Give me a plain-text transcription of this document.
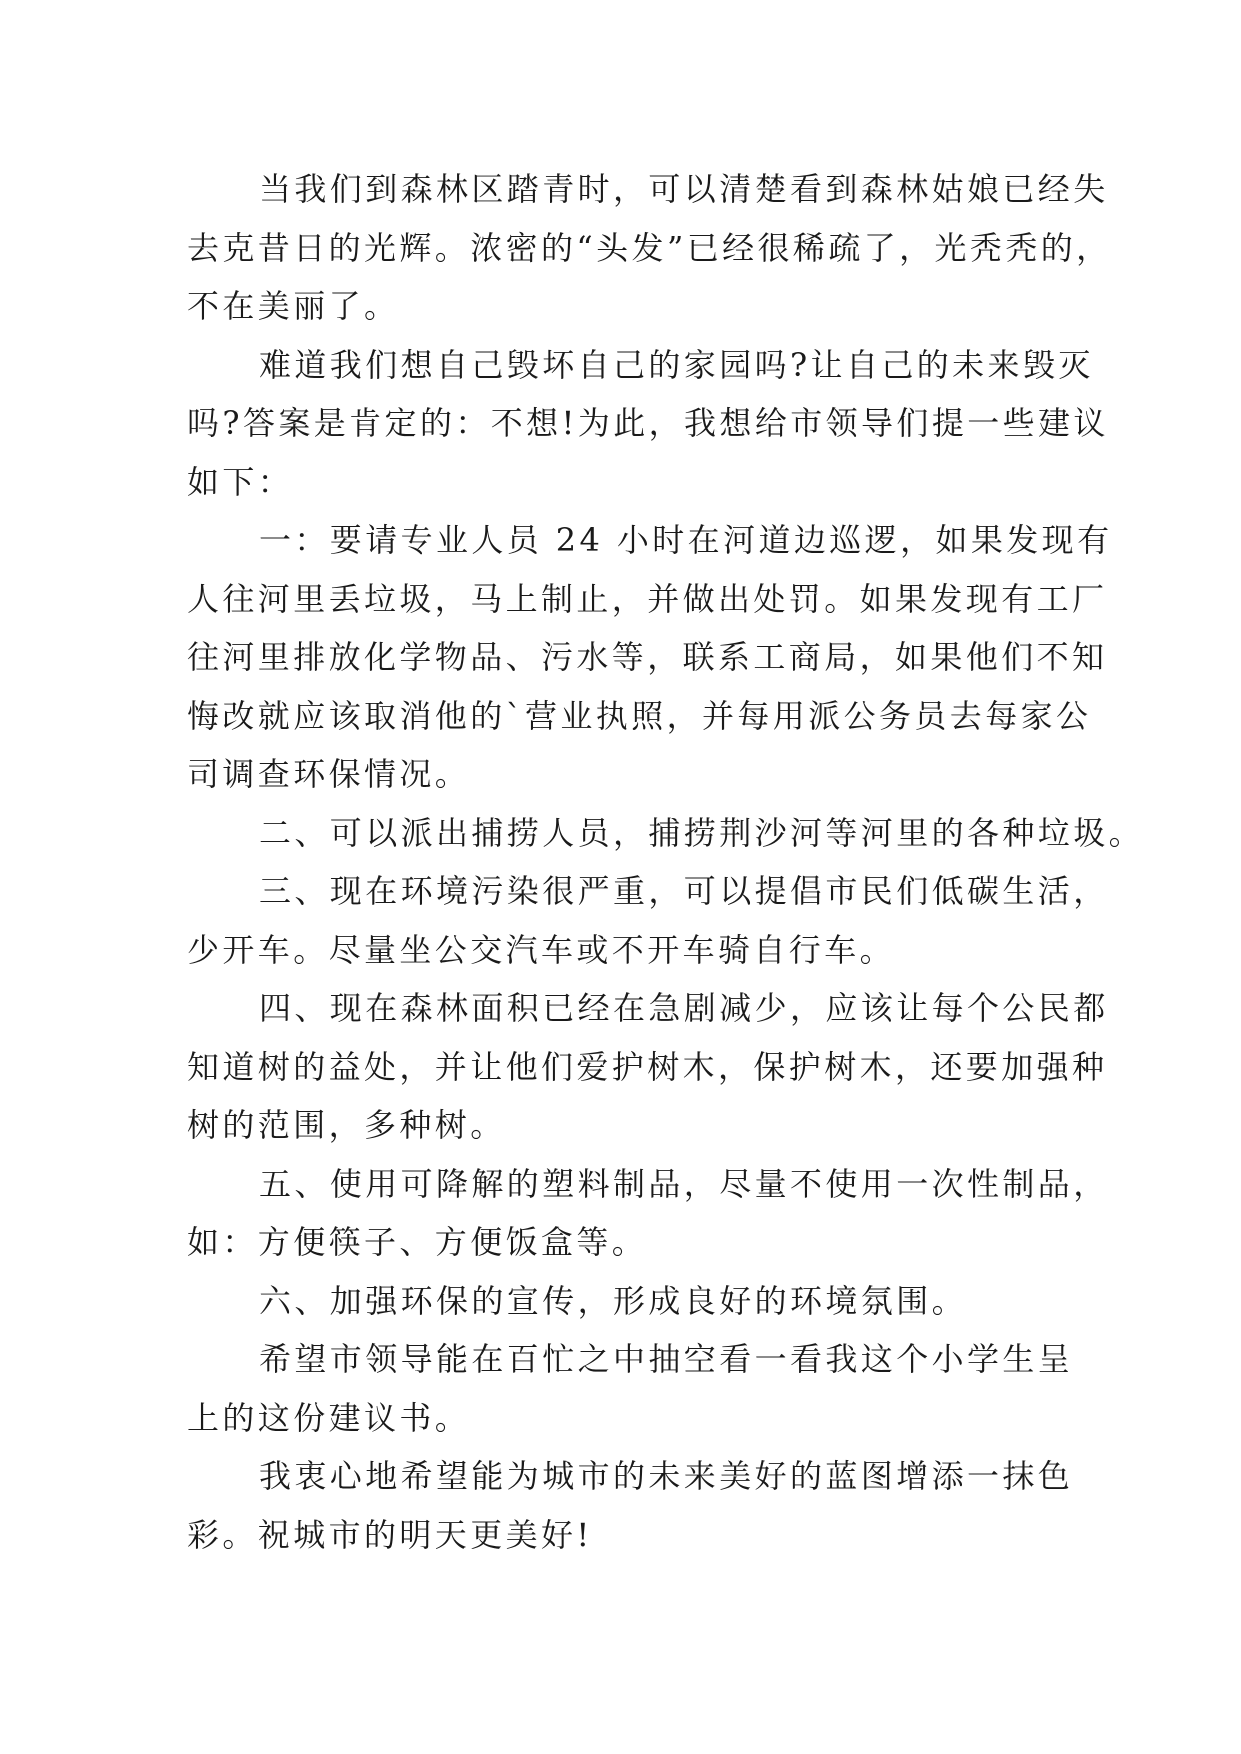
当我们到森林区踏青时，可以清楚看到森林姑娘已经失
去克昔日的光辉。浓密的“头发”已经很稀疏了，光秃秃的，
不在美丽了。
难道我们想自己毁坏自己的家园吗?让自己的未来毁灭
吗?答案是肯定的：不想!为此，我想给市领导们提一些建议
如下：
一：要请专业人员 24 小时在河道边巡逻，如果发现有
人往河里丢垃圾，马上制止，并做出处罚。如果发现有工厂
往河里排放化学物品、污水等，联系工商局，如果他们不知
悔改就应该取消他的`营业执照，并每用派公务员去每家公
司调查环保情况。
二、可以派出捕捞人员，捕捞荆沙河等河里的各种垃圾。
三、现在环境污染很严重，可以提倡市民们低碳生活，
少开车。尽量坐公交汽车或不开车骑自行车。
四、现在森林面积已经在急剧减少，应该让每个公民都
知道树的益处，并让他们爱护树木，保护树木，还要加强种
树的范围，多种树。
五、使用可降解的塑料制品，尽量不使用一次性制品，
如：方便筷子、方便饭盒等。
六、加强环保的宣传，形成良好的环境氛围。
希望市领导能在百忙之中抽空看一看我这个小学生呈
上的这份建议书。
我衷心地希望能为城市的未来美好的蓝图增添一抹色
彩。祝城市的明天更美好!
